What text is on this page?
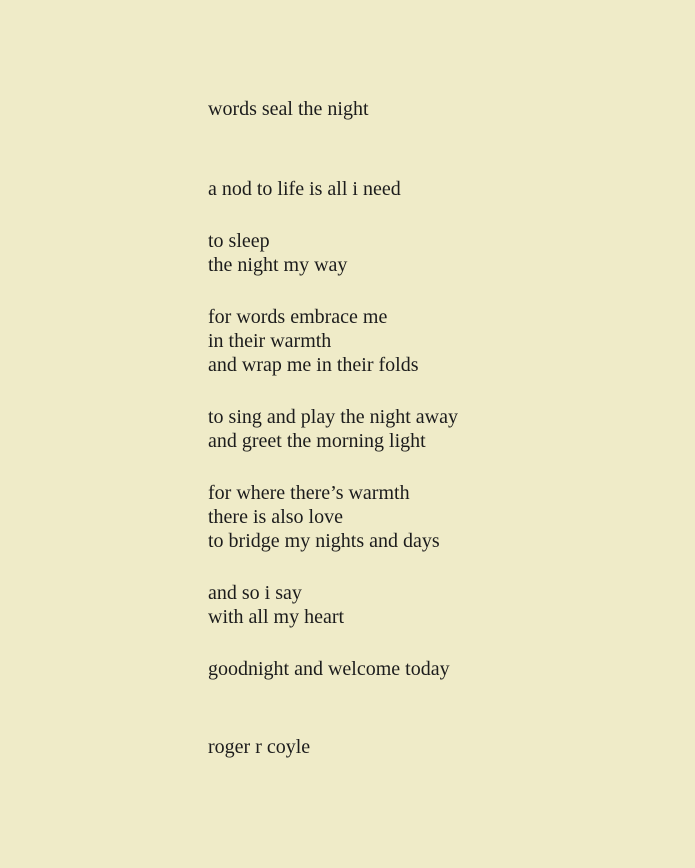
words seal the night
a nod to life is all i need
to sleep
the night my way
for words embrace me
in their warmth
and wrap me in their folds
to sing and play the night away
and greet the morning light
for where there’s warmth
there is also love
to bridge my nights and days
and so i say
with all my heart
goodnight and welcome today

roger r coyle
